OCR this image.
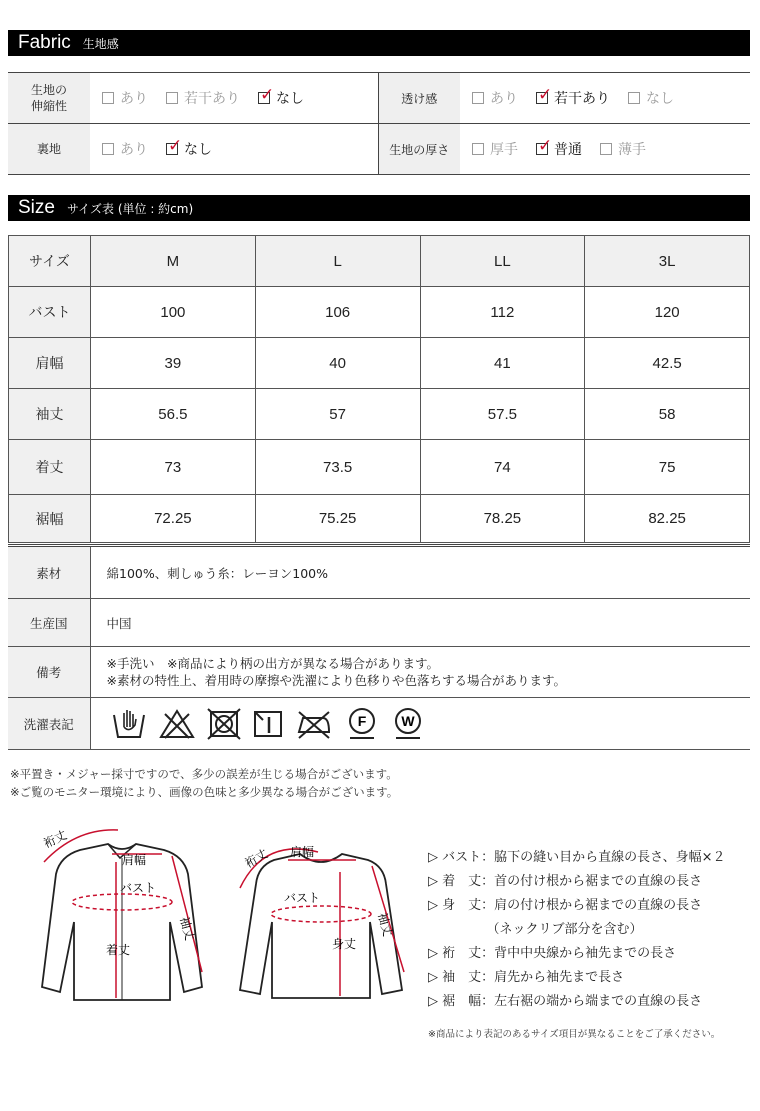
Fabric 生地感
生地の
伸縮性	あり 若干あり ✓ なし	透け感	あり ✓ 若干あり なし

裏地	あり ✓ なし	生地の厚さ	厚手 ✓ 普通 薄手
Size サイズ表 (単位 : 約cm)
サイズ	M	L	LL	3L
バスト	100	106	112	120
肩幅	39	40	41	42.5
袖丈	56.5	57	57.5	58
着丈	73	73.5	74	75
裾幅	72.25	75.25	78.25	82.25
素材	綿100%、刺しゅう糸：レーヨン100%
生産国	中国
備考	※手洗い　※商品により柄の出方が異なる場合があります。
※素材の特性上、着用時の摩擦や洗濯により色移りや色落ちする場合があります。

洗濯表記	F W
※平置き・メジャー採寸ですので、多少の誤差が生じる場合がございます。
※ご覧のモニター環境により、画像の色味と多少異なる場合がございます。
裄丈
肩幅
バスト
袖丈
着丈
裄丈 肩幅
バスト
袖丈
身丈
▷ バスト：脇下の縫い目から直線の長さ、身幅×２
▷ 着　丈：首の付け根から裾までの直線の長さ
▷ 身　丈：肩の付け根から裾までの直線の長さ
　　　　　（ネックリブ部分を含む）
▷ 裄　丈：背中中央線から袖先までの長さ
▷ 袖　丈：肩先から袖先まで長さ
▷ 裾　幅：左右裾の端から端までの直線の長さ
※商品により表記のあるサイズ項目が異なることをご了承ください。
